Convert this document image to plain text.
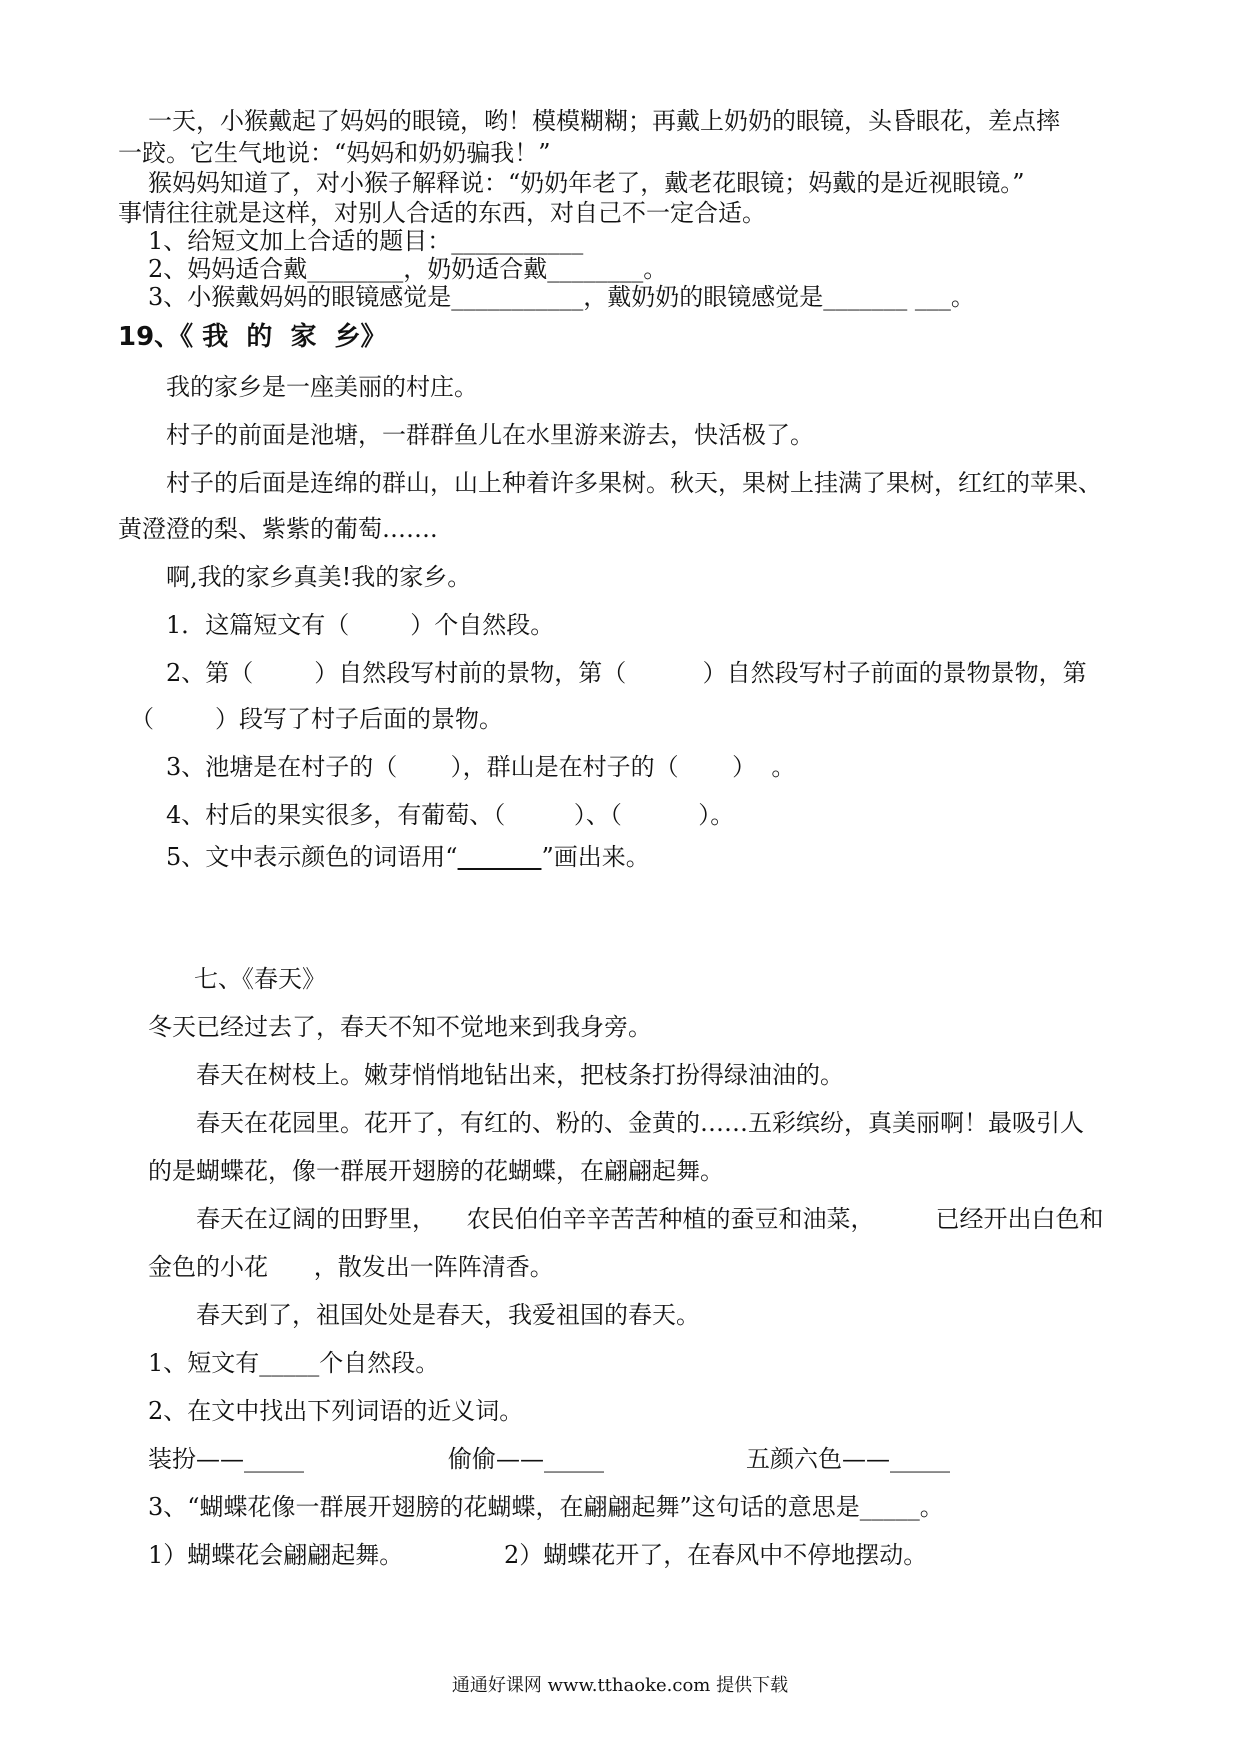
一天，小猴戴起了妈妈的眼镜，哟！模模糊糊；再戴上奶奶的眼镜，头昏眼花，差点摔
一跤。它生气地说：“妈妈和奶奶骗我！”
猴妈妈知道了，对小猴子解释说：“奶奶年老了，戴老花眼镜；妈戴的是近视眼镜。”
事情往往就是这样，对别人合适的东西，对自己不一定合适。
1、给短文加上合适的题目：___________
2、妈妈适合戴________，奶奶适合戴________。
3、小猴戴妈妈的眼镜感觉是___________，戴奶奶的眼镜感觉是_______ ___。
19、《 我  的  家  乡》
我的家乡是一座美丽的村庄。
村子的前面是池塘，一群群鱼儿在水里游来游去，快活极了。
村子的后面是连绵的群山，山上种着许多果树。秋天，果树上挂满了果树，红红的苹果、
黄澄澄的梨、紫紫的葡萄…….
啊,我的家乡真美!我的家乡。
1．这篇短文有（        ）个自然段。
2、第（        ）自然段写村前的景物，第（          ）自然段写村子前面的景物景物，第
（        ）段写了村子后面的景物。
3、池塘是在村子的（       ），群山是在村子的（       ）  。
4、村后的果实很多，有葡萄、（         ）、（          ）。
5、文中表示颜色的词语用“	”画出来。
七、《春天》
冬天已经过去了，春天不知不觉地来到我身旁。
春天在树枝上。嫩芽悄悄地钻出来，把枝条打扮得绿油油的。
春天在花园里。花开了，有红的、粉的、金黄的……五彩缤纷，真美丽啊！最吸引人
的是蝴蝶花，像一群展开翅膀的花蝴蝶，在翩翩起舞。
春天在辽阔的田野里，    农民伯伯辛辛苦苦种植的蚕豆和油菜，        已经开出白色和
金色的小花      ，散发出一阵阵清香。
春天到了，祖国处处是春天，我爱祖国的春天。
1、短文有_____个自然段。
2、在文中找出下列词语的近义词。
装扮——_____	偷偷——_____	五颜六色——_____
3、“蝴蝶花像一群展开翅膀的花蝴蝶，在翩翩起舞”这句话的意思是_____。
1）蝴蝶花会翩翩起舞。	2）蝴蝶花开了，在春风中不停地摆动。
通通好课网 www.tthaoke.com 提供下载
